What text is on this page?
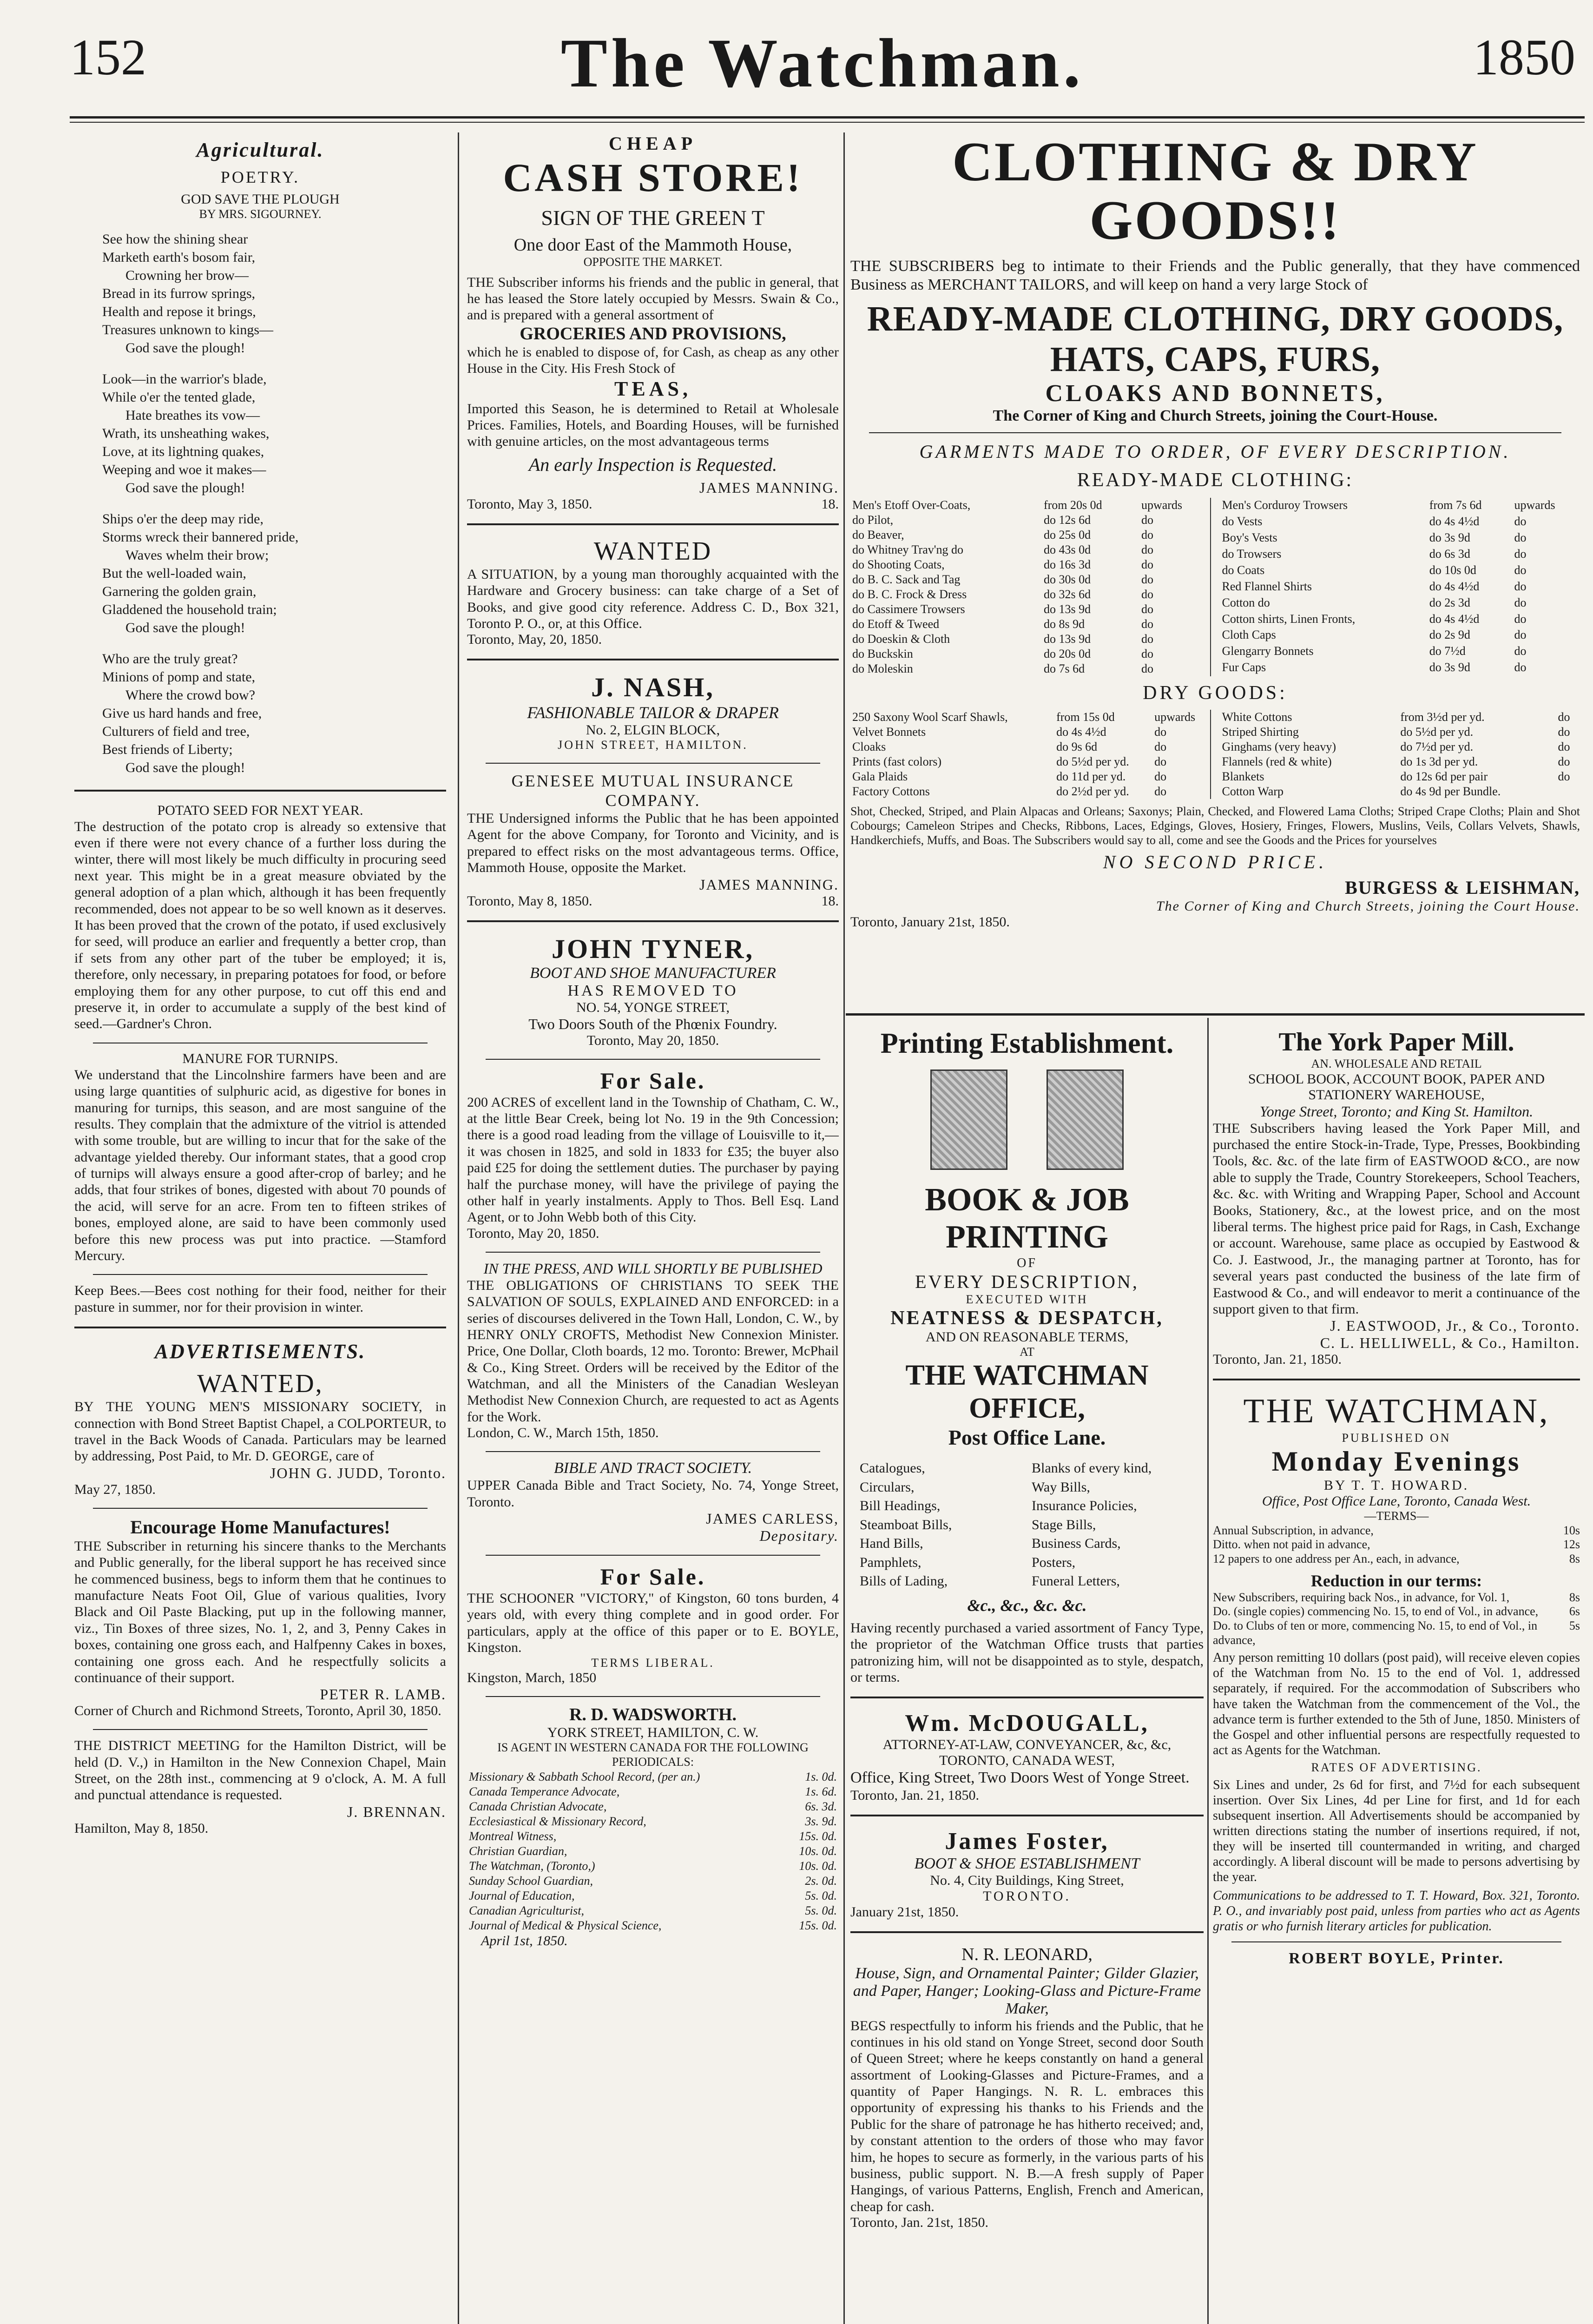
152	The Watchman.	1850
Agricultural.
POETRY.
GOD SAVE THE PLOUGH
BY MRS. SIGOURNEY.

See how the shining shear

Marketh earth's bosom fair,

Crowning her brow—

Bread in its furrow springs,

Health and repose it brings,

Treasures unknown to kings—

God save the plough!

Look—in the warrior's blade,

While o'er the tented glade,

Hate breathes its vow—

Wrath, its unsheathing wakes,

Love, at its lightning quakes,

Weeping and woe it makes—

God save the plough!

Ships o'er the deep may ride,

Storms wreck their bannered pride,

Waves whelm their brow;

But the well-loaded wain,

Garnering the golden grain,

Gladdened the household train;

God save the plough!

Who are the truly great?

Minions of pomp and state,

Where the crowd bow?

Give us hard hands and free,

Culturers of field and tree,

Best friends of Liberty;

God save the plough!

POTATO SEED FOR NEXT YEAR.
The destruction of the potato crop is already so extensive that even if there were not every chance of a further loss during the winter, there will most likely be much difficulty in procuring seed next year. This might be in a great measure obviated by the general adoption of a plan which, although it has been frequently recommended, does not appear to be so well known as it deserves. It has been proved that the crown of the potato, if used exclusively for seed, will produce an earlier and frequently a better crop, than if sets from any other part of the tuber be employed; it is, therefore, only necessary, in preparing potatoes for food, or before employing them for any other purpose, to cut off this end and preserve it, in order to accumulate a supply of the best kind of seed.—Gardner's Chron.
MANURE FOR TURNIPS.
We understand that the Lincolnshire farmers have been and are using large quantities of sulphuric acid, as digestive for bones in manuring for turnips, this season, and are most sanguine of the results. They complain that the admixture of the vitriol is attended with some trouble, but are willing to incur that for the sake of the advantage yielded thereby. Our informant states, that a good crop of turnips will always ensure a good after-crop of barley; and he adds, that four strikes of bones, digested with about 70 pounds of the acid, will serve for an acre. From ten to fifteen strikes of bones, employed alone, are said to have been commonly used before this new process was put into practice. —Stamford Mercury.
Keep Bees.—Bees cost nothing for their food, neither for their pasture in summer, nor for their provision in winter.
ADVERTISEMENTS.
WANTED,
BY THE YOUNG MEN'S MISSIONARY SOCIETY, in connection with Bond Street Baptist Chapel, a COLPORTEUR, to travel in the Back Woods of Canada. Particulars may be learned by addressing, Post Paid, to Mr. D. GEORGE, care of
JOHN G. JUDD, Toronto.
May 27, 1850.
Encourage Home Manufactures!
THE Subscriber in returning his sincere thanks to the Merchants and Public generally, for the liberal support he has received since he commenced business, begs to inform them that he continues to manufacture Neats Foot Oil, Glue of various qualities, Ivory Black and Oil Paste Blacking, put up in the following manner, viz., Tin Boxes of three sizes, No. 1, 2, and 3, Penny Cakes in boxes, containing one gross each, and Halfpenny Cakes in boxes, containing one gross each. And he respectfully solicits a continuance of their support.
PETER R. LAMB.
Corner of Church and Richmond Streets, Toronto, April 30, 1850.
THE DISTRICT MEETING for the Hamilton District, will be held (D. V.,) in Hamilton in the New Connexion Chapel, Main Street, on the 28th inst., commencing at 9 o'clock, A. M. A full and punctual attendance is requested.
J. BRENNAN.
Hamilton, May 8, 1850.
CHEAP
CASH STORE!
SIGN OF THE GREEN T
One door East of the Mammoth House,
OPPOSITE THE MARKET.
THE Subscriber informs his friends and the public in general, that he has leased the Store lately occupied by Messrs. Swain & Co., and is prepared with a general assortment of
GROCERIES AND PROVISIONS,
which he is enabled to dispose of, for Cash, as cheap as any other House in the City. His Fresh Stock of
TEAS,
Imported this Season, he is determined to Retail at Wholesale Prices. Families, Hotels, and Boarding Houses, will be furnished with genuine articles, on the most advantageous terms
An early Inspection is Requested.
JAMES MANNING.
Toronto, May 3, 1850.	18.
WANTED
A SITUATION, by a young man thoroughly acquainted with the Hardware and Grocery business: can take charge of a Set of Books, and give good city reference. Address C. D., Box 321, Toronto P. O., or, at this Office.
Toronto, May, 20, 1850.
J. NASH,
FASHIONABLE TAILOR & DRAPER
No. 2, ELGIN BLOCK,
JOHN STREET, HAMILTON.
GENESEE MUTUAL INSURANCE COMPANY.
THE Undersigned informs the Public that he has been appointed Agent for the above Company, for Toronto and Vicinity, and is prepared to effect risks on the most advantageous terms. Office, Mammoth House, opposite the Market.
JAMES MANNING.
Toronto, May 8, 1850.	18.
JOHN TYNER,
BOOT AND SHOE MANUFACTURER
HAS REMOVED TO
NO. 54, YONGE STREET,
Two Doors South of the Phœnix Foundry.
Toronto, May 20, 1850.
For Sale.
200 ACRES of excellent land in the Township of Chatham, C. W., at the little Bear Creek, being lot No. 19 in the 9th Concession; there is a good road leading from the village of Louisville to it,—it was chosen in 1825, and sold in 1833 for £35; the buyer also paid £25 for doing the settlement duties. The purchaser by paying half the purchase money, will have the privilege of paying the other half in yearly instalments. Apply to Thos. Bell Esq. Land Agent, or to John Webb both of this City.
Toronto, May 20, 1850.
IN THE PRESS, AND WILL SHORTLY BE PUBLISHED
THE OBLIGATIONS OF CHRISTIANS TO SEEK THE SALVATION OF SOULS, EXPLAINED AND ENFORCED: in a series of discourses delivered in the Town Hall, London, C. W., by HENRY ONLY CROFTS, Methodist New Connexion Minister. Price, One Dollar, Cloth boards, 12 mo. Toronto: Brewer, McPhail & Co., King Street. Orders will be received by the Editor of the Watchman, and all the Ministers of the Canadian Wesleyan Methodist New Connexion Church, are requested to act as Agents for the Work.
London, C. W., March 15th, 1850.
BIBLE AND TRACT SOCIETY.
UPPER Canada Bible and Tract Society, No. 74, Yonge Street, Toronto.
JAMES CARLESS,
Depositary.
For Sale.
THE SCHOONER "VICTORY," of Kingston, 60 tons burden, 4 years old, with every thing complete and in good order. For particulars, apply at the office of this paper or to E. BOYLE, Kingston.
TERMS LIBERAL.
Kingston, March, 1850
R. D. WADSWORTH.
YORK STREET, HAMILTON, C. W.
IS AGENT IN WESTERN CANADA FOR THE FOLLOWING PERIODICALS:
Missionary & Sabbath School Record, (per an.)	1s. 0d.
Canada Temperance Advocate,	1s. 6d.
Canada Christian Advocate,	6s. 3d.
Ecclesiastical & Missionary Record,	3s. 9d.
Montreal Witness,	15s. 0d.
Christian Guardian,	10s. 0d.
The Watchman, (Toronto,)	10s. 0d.
Sunday School Guardian,	2s. 0d.
Journal of Education,	5s. 0d.
Canadian Agriculturist,	5s. 0d.
Journal of Medical & Physical Science,	15s. 0d.
April 1st, 1850.
CLOTHING & DRY GOODS!!
THE SUBSCRIBERS beg to intimate to their Friends and the Public generally, that they have commenced Business as MERCHANT TAILORS, and will keep on hand a very large Stock of
READY-MADE CLOTHING, DRY GOODS, HATS, CAPS, FURS,
CLOAKS AND BONNETS,
The Corner of King and Church Streets, joining the Court-House.
GARMENTS MADE TO ORDER, OF EVERY DESCRIPTION.
READY-MADE CLOTHING:
Men's Etoff Over-Coats,	from 20s 0d	upwards
do Pilot,	do 12s 6d	do
do Beaver,	do 25s 0d	do
do Whitney Trav'ng do	do 43s 0d	do
do Shooting Coats,	do 16s 3d	do
do B. C. Sack and Tag	do 30s 0d	do
do B. C. Frock & Dress	do 32s 6d	do
do Cassimere Trowsers	do 13s 9d	do
do Etoff & Tweed	do 8s 9d	do
do Doeskin & Cloth	do 13s 9d	do
do Buckskin	do 20s 0d	do
do Moleskin	do 7s 6d	do
Men's Corduroy Trowsers	from 7s 6d	upwards
do Vests	do 4s 4½d	do
Boy's Vests	do 3s 9d	do
do Trowsers	do 6s 3d	do
do Coats	do 10s 0d	do
Red Flannel Shirts	do 4s 4½d	do
Cotton do	do 2s 3d	do
Cotton shirts, Linen Fronts,	do 4s 4½d	do
Cloth Caps	do 2s 9d	do
Glengarry Bonnets	do 7½d	do
Fur Caps	do 3s 9d	do
DRY GOODS:
250 Saxony Wool Scarf Shawls,	from 15s 0d	upwards
Velvet Bonnets	do 4s 4½d	do
Cloaks	do 9s 6d	do
Prints (fast colors)	do 5½d per yd.	do
Gala Plaids	do 11d per yd.	do
Factory Cottons	do 2½d per yd.	do
White Cottons	from 3½d per yd.	do
Striped Shirting	do 5½d per yd.	do
Ginghams (very heavy)	do 7½d per yd.	do
Flannels (red & white)	do 1s 3d per yd.	do
Blankets	do 12s 6d per pair	do
Cotton Warp	do 4s 9d per Bundle.	
Shot, Checked, Striped, and Plain Alpacas and Orleans; Saxonys; Plain, Checked, and Flowered Lama Cloths; Striped Crape Cloths; Plain and Shot Cobourgs; Cameleon Stripes and Checks, Ribbons, Laces, Edgings, Gloves, Hosiery, Fringes, Flowers, Muslins, Veils, Collars Velvets, Shawls, Handkerchiefs, Muffs, and Boas. The Subscribers would say to all, come and see the Goods and the Prices for yourselves
NO SECOND PRICE.
BURGESS & LEISHMAN,
The Corner of King and Church Streets, joining the Court House.
Toronto, January 21st, 1850.
Printing Establishment.

BOOK & JOB PRINTING
OF
EVERY DESCRIPTION,
EXECUTED WITH
NEATNESS & DESPATCH,
AND ON REASONABLE TERMS,
AT
THE WATCHMAN OFFICE,
Post Office Lane.
Catalogues,
Circulars,
Bill Headings,
Steamboat Bills,
Hand Bills,
Pamphlets,
Bills of Lading,
Blanks of every kind,
Way Bills,
Insurance Policies,
Stage Bills,
Business Cards,
Posters,
Funeral Letters,
&c., &c., &c. &c.
Having recently purchased a varied assortment of Fancy Type, the proprietor of the Watchman Office trusts that parties patronizing him, will not be disappointed as to style, despatch, or terms.
Wm. McDOUGALL,
ATTORNEY-AT-LAW, CONVEYANCER, &c, &c, TORONTO, CANADA WEST,
Office, King Street, Two Doors West of Yonge Street.
Toronto, Jan. 21, 1850.
James Foster,
BOOT & SHOE ESTABLISHMENT
No. 4, City Buildings, King Street,
TORONTO.
January 21st, 1850.
N. R. LEONARD,
House, Sign, and Ornamental Painter; Gilder Glazier, and Paper, Hanger; Looking-Glass and Picture-Frame Maker,
BEGS respectfully to inform his friends and the Public, that he continues in his old stand on Yonge Street, second door South of Queen Street; where he keeps constantly on hand a general assortment of Looking-Glasses and Picture-Frames, and a quantity of Paper Hangings. N. R. L. embraces this opportunity of expressing his thanks to his Friends and the Public for the share of patronage he has hitherto received; and, by constant attention to the orders of those who may favor him, he hopes to secure as formerly, in the various parts of his business, public support. N. B.—A fresh supply of Paper Hangings, of various Patterns, English, French and American, cheap for cash.
Toronto, Jan. 21st, 1850.
The York Paper Mill.
AN. WHOLESALE AND RETAIL
SCHOOL BOOK, ACCOUNT BOOK, PAPER AND STATIONERY WAREHOUSE,
Yonge Street, Toronto; and King St. Hamilton.
THE Subscribers having leased the York Paper Mill, and purchased the entire Stock-in-Trade, Type, Presses, Bookbinding Tools, &c. &c. of the late firm of EASTWOOD &CO., are now able to supply the Trade, Country Storekeepers, School Teachers, &c. &c. with Writing and Wrapping Paper, School and Account Books, Stationery, &c., at the lowest price, and on the most liberal terms. The highest price paid for Rags, in Cash, Exchange or account. Warehouse, same place as occupied by Eastwood & Co. J. Eastwood, Jr., the managing partner at Toronto, has for several years past conducted the business of the late firm of Eastwood & Co., and will endeavor to merit a continuance of the support given to that firm.
J. EASTWOOD, Jr., & Co., Toronto.
C. L. HELLIWELL, & Co., Hamilton.
Toronto, Jan. 21, 1850.
THE WATCHMAN,
PUBLISHED ON
Monday Evenings
BY T. T. HOWARD.
Office, Post Office Lane, Toronto, Canada West.
—TERMS—
Annual Subscription, in advance,	10s
Ditto. when not paid in advance,	12s
12 papers to one address per An., each, in advance,	8s
Reduction in our terms:
New Subscribers, requiring back Nos., in advance, for Vol. 1,	8s
Do. (single copies) commencing No. 15, to end of Vol., in advance,	6s
Do. to Clubs of ten or more, commencing No. 15, to end of Vol., in advance,
5s
Any person remitting 10 dollars (post paid), will receive eleven copies of the Watchman from No. 15 to the end of Vol. 1, addressed separately, if required. For the accommodation of Subscribers who have taken the Watchman from the commencement of the Vol., the advance term is further extended to the 5th of June, 1850. Ministers of the Gospel and other influential persons are respectfully requested to act as Agents for the Watchman.
RATES OF ADVERTISING.
Six Lines and under, 2s 6d for first, and 7½d for each subsequent insertion. Over Six Lines, 4d per Line for first, and 1d for each subsequent insertion. All Advertisements should be accompanied by written directions stating the number of insertions required, if not, they will be inserted till countermanded in writing, and charged accordingly. A liberal discount will be made to persons advertising by the year.
Communications to be addressed to T. T. Howard, Box. 321, Toronto. P. O., and invariably post paid, unless from parties who act as Agents gratis or who furnish literary articles for publication.
ROBERT BOYLE, Printer.
